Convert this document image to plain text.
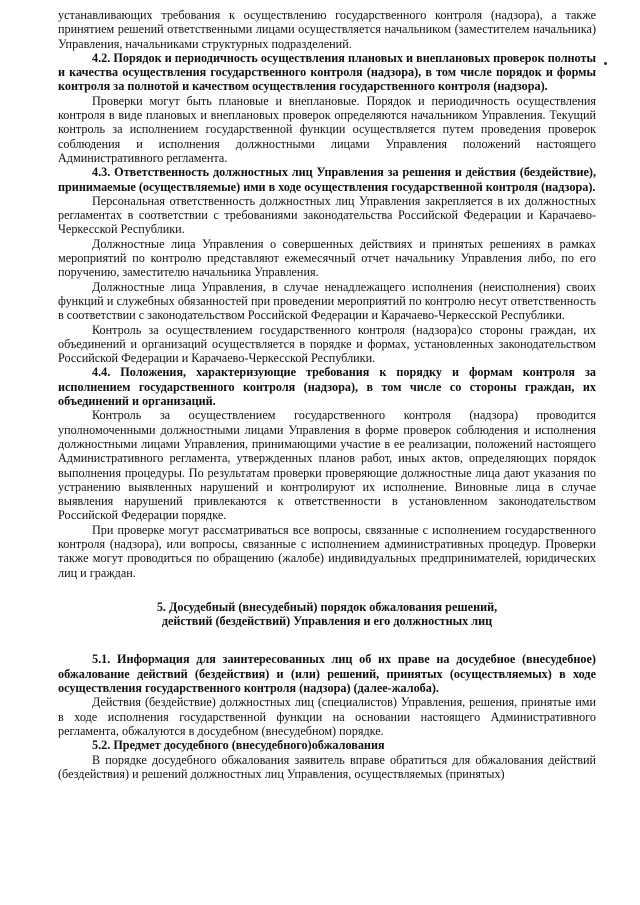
устанавливающих требования к осуществлению государственного контроля (надзора), а также принятием решений ответственными лицами осуществляется начальником (заместителем начальника) Управления, начальниками структурных подразделений.

4.2. Порядок и периодичность осуществления плановых и внеплановых проверок полноты и качества осуществления государственного контроля (надзора), в том числе порядок и формы контроля за полнотой и качеством осуществления государственного контроля (надзора).

Проверки могут быть плановые и внеплановые. Порядок и периодичность осуществления контроля в виде плановых и внеплановых проверок определяются начальником Управления. Текущий контроль за исполнением государственной функции осуществляется путем проведения проверок соблюдения и исполнения должностными лицами Управления положений настоящего Административного регламента.

4.3. Ответственность должностных лиц Управления за решения и действия (бездействие), принимаемые (осуществляемые) ими в ходе осуществления государственной контроля (надзора).

Персональная ответственность должностных лиц Управления закрепляется в их должностных регламентах в соответствии с требованиями законодательства Российской Федерации и Карачаево-Черкесской Республики.

Должностные лица Управления о совершенных действиях и принятых решениях в рамках мероприятий по контролю представляют ежемесячный отчет начальнику Управления либо, по его поручению, заместителю начальника Управления.

Должностные лица Управления, в случае ненадлежащего исполнения (неисполнения) своих функций и служебных обязанностей при проведении мероприятий по контролю несут ответственность в соответствии с законодательством Российской Федерации и Карачаево-Черкесской Республики.

Контроль за осуществлением государственного контроля (надзора)со стороны граждан, их объединений и организаций осуществляется в порядке и формах, установленных законодательством Российской Федерации и Карачаево-Черкесской Республики.

4.4. Положения, характеризующие требования к порядку и формам контроля за исполнением государственного контроля (надзора), в том числе со стороны граждан, их объединений и организаций.

Контроль за осуществлением государственного контроля (надзора) проводится уполномоченными должностными лицами Управления в форме проверок соблюдения и исполнения должностными лицами Управления, принимающими участие в ее реализации, положений настоящего Административного регламента, утвержденных планов работ, иных актов, определяющих порядок выполнения процедуры. По результатам проверки проверяющие должностные лица дают указания по устранению выявленных нарушений и контролируют их исполнение. Виновные лица в случае выявления нарушений привлекаются к ответственности в установленном законодательством Российской Федерации порядке.

При проверке могут рассматриваться все вопросы, связанные с исполнением государственного контроля (надзора), или вопросы, связанные с исполнением административных процедур. Проверки также могут проводиться по обращению (жалобе) индивидуальных предпринимателей, юридических лиц и граждан.

5. Досудебный (внесудебный) порядок обжалования решений,

действий (бездействий) Управления и его должностных лиц

5.1. Информация для заинтересованных лиц об их праве на досудебное (внесудебное) обжалование действий (бездействия) и (или) решений, принятых (осуществляемых) в ходе осуществления государственного контроля (надзора) (далее-жалоба).

Действия (бездействие) должностных лиц (специалистов) Управления, решения, принятые ими в ходе исполнения государственной функции на основании настоящего Административного регламента, обжалуются в досудебном (внесудебном) порядке.

5.2. Предмет досудебного (внесудебного)обжалования

В порядке досудебного обжалования заявитель вправе обратиться для обжалования действий (бездействия) и решений должностных лиц Управления, осуществляемых (принятых)
